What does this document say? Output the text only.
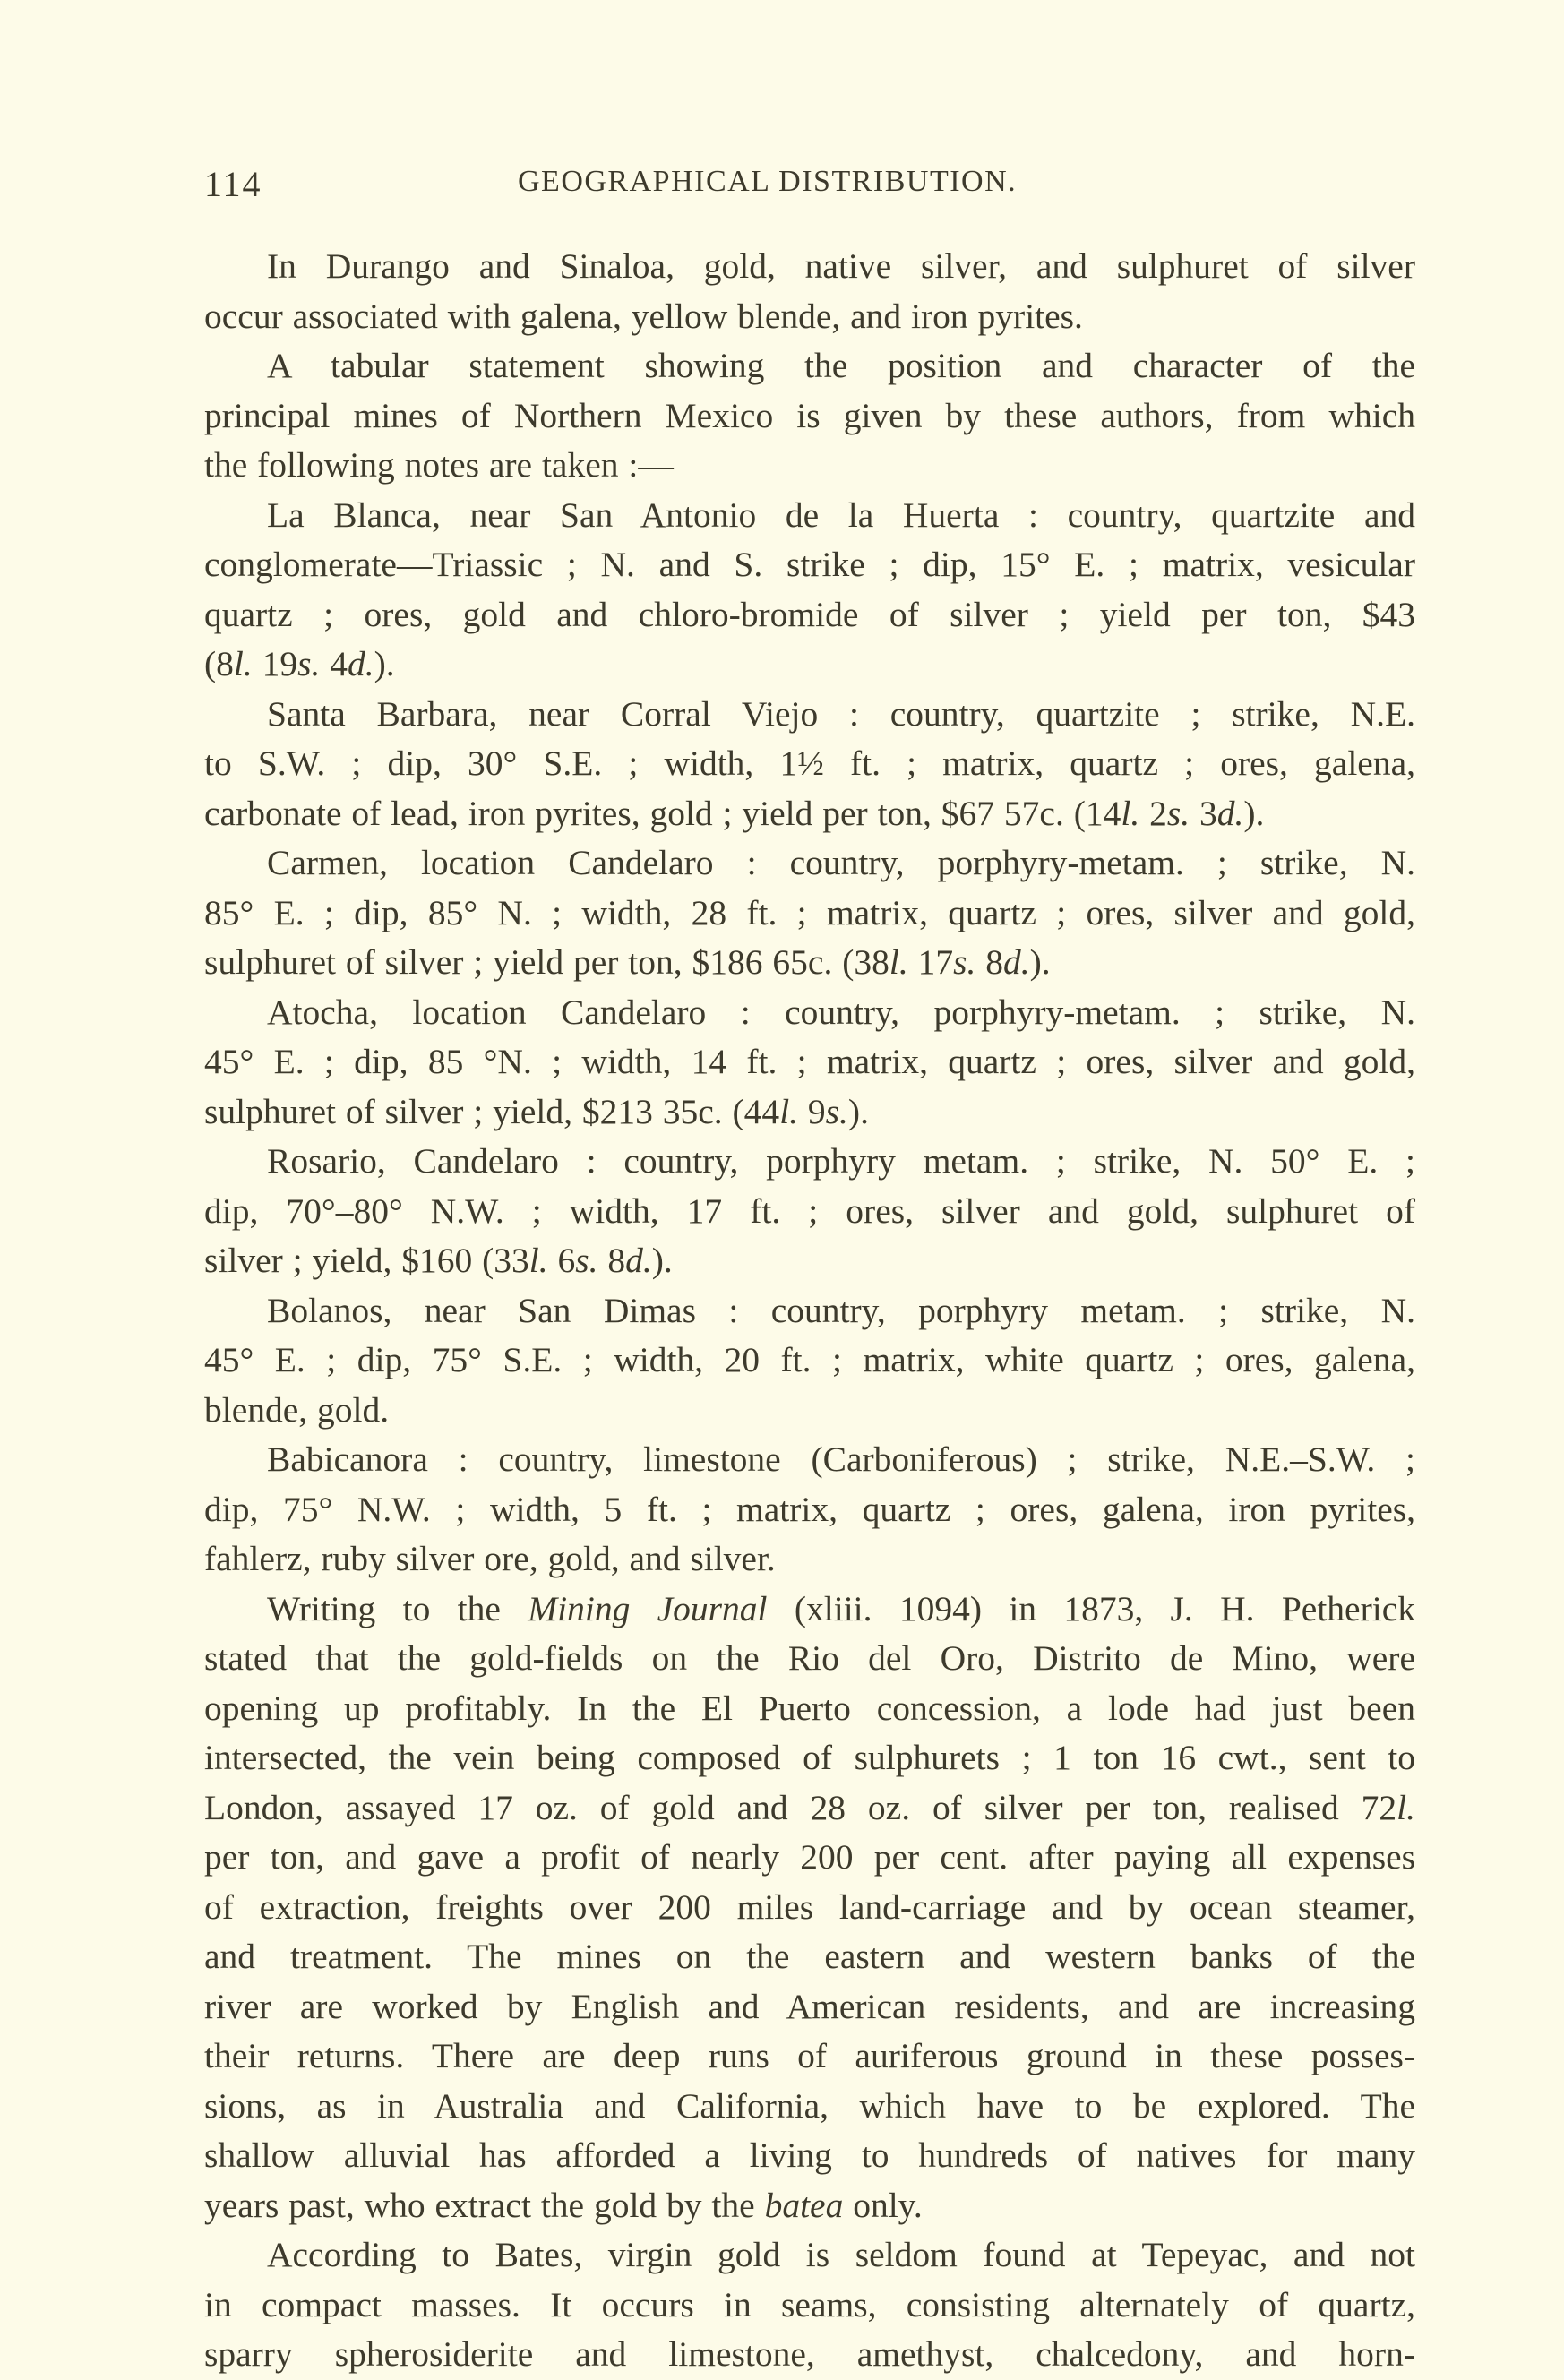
114	GEOGRAPHICAL DISTRIBUTION.

In Durango and Sinaloa, gold, native silver, and sulphuret of silver
occur associated with galena, yellow blende, and iron pyrites.

A tabular statement showing the position and character of the
principal mines of Northern Mexico is given by these authors, from which
the following notes are taken :—

La Blanca, near San Antonio de la Huerta : country, quartzite and
conglomerate—Triassic ; N. and S. strike ; dip, 15° E. ; matrix, vesicular
quartz ; ores, gold and chloro-bromide of silver ; yield per ton, $43
(8l. 19s. 4d.).

Santa Barbara, near Corral Viejo : country, quartzite ; strike, N.E.
to S.W. ; dip, 30° S.E. ; width, 1½ ft. ; matrix, quartz ; ores, galena,
carbonate of lead, iron pyrites, gold ; yield per ton, $67 57c. (14l. 2s. 3d.).

Carmen, location Candelaro : country, porphyry-metam. ; strike, N.
85° E. ; dip, 85° N. ; width, 28 ft. ; matrix, quartz ; ores, silver and gold,
sulphuret of silver ; yield per ton, $186 65c. (38l. 17s. 8d.).

Atocha, location Candelaro : country, porphyry-metam. ; strike, N.
45° E. ; dip, 85 °N. ; width, 14 ft. ; matrix, quartz ; ores, silver and gold,
sulphuret of silver ; yield, $213 35c. (44l. 9s.).

Rosario, Candelaro : country, porphyry metam. ; strike, N. 50° E. ;
dip, 70°–80° N.W. ; width, 17 ft. ; ores, silver and gold, sulphuret of
silver ; yield, $160 (33l. 6s. 8d.).

Bolanos, near San Dimas : country, porphyry metam. ; strike, N.
45° E. ; dip, 75° S.E. ; width, 20 ft. ; matrix, white quartz ; ores, galena,
blende, gold.

Babicanora : country, limestone (Carboniferous) ; strike, N.E.–S.W. ;
dip, 75° N.W. ; width, 5 ft. ; matrix, quartz ; ores, galena, iron pyrites,
fahlerz, ruby silver ore, gold, and silver.

Writing to the Mining Journal (xliii. 1094) in 1873, J. H. Petherick
stated that the gold-fields on the Rio del Oro, Distrito de Mino, were
opening up profitably. In the El Puerto concession, a lode had just been
intersected, the vein being composed of sulphurets ; 1 ton 16 cwt., sent to
London, assayed 17 oz. of gold and 28 oz. of silver per ton, realised 72l.
per ton, and gave a profit of nearly 200 per cent. after paying all expenses
of extraction, freights over 200 miles land-carriage and by ocean steamer,
and treatment. The mines on the eastern and western banks of the
river are worked by English and American residents, and are increasing
their returns. There are deep runs of auriferous ground in these posses-
sions, as in Australia and California, which have to be explored. The
shallow alluvial has afforded a living to hundreds of natives for many
years past, who extract the gold by the batea only.

According to Bates, virgin gold is seldom found at Tepeyac, and not
in compact masses. It occurs in seams, consisting alternately of quartz,
sparry spherosiderite and limestone, amethyst, chalcedony, and horn-
